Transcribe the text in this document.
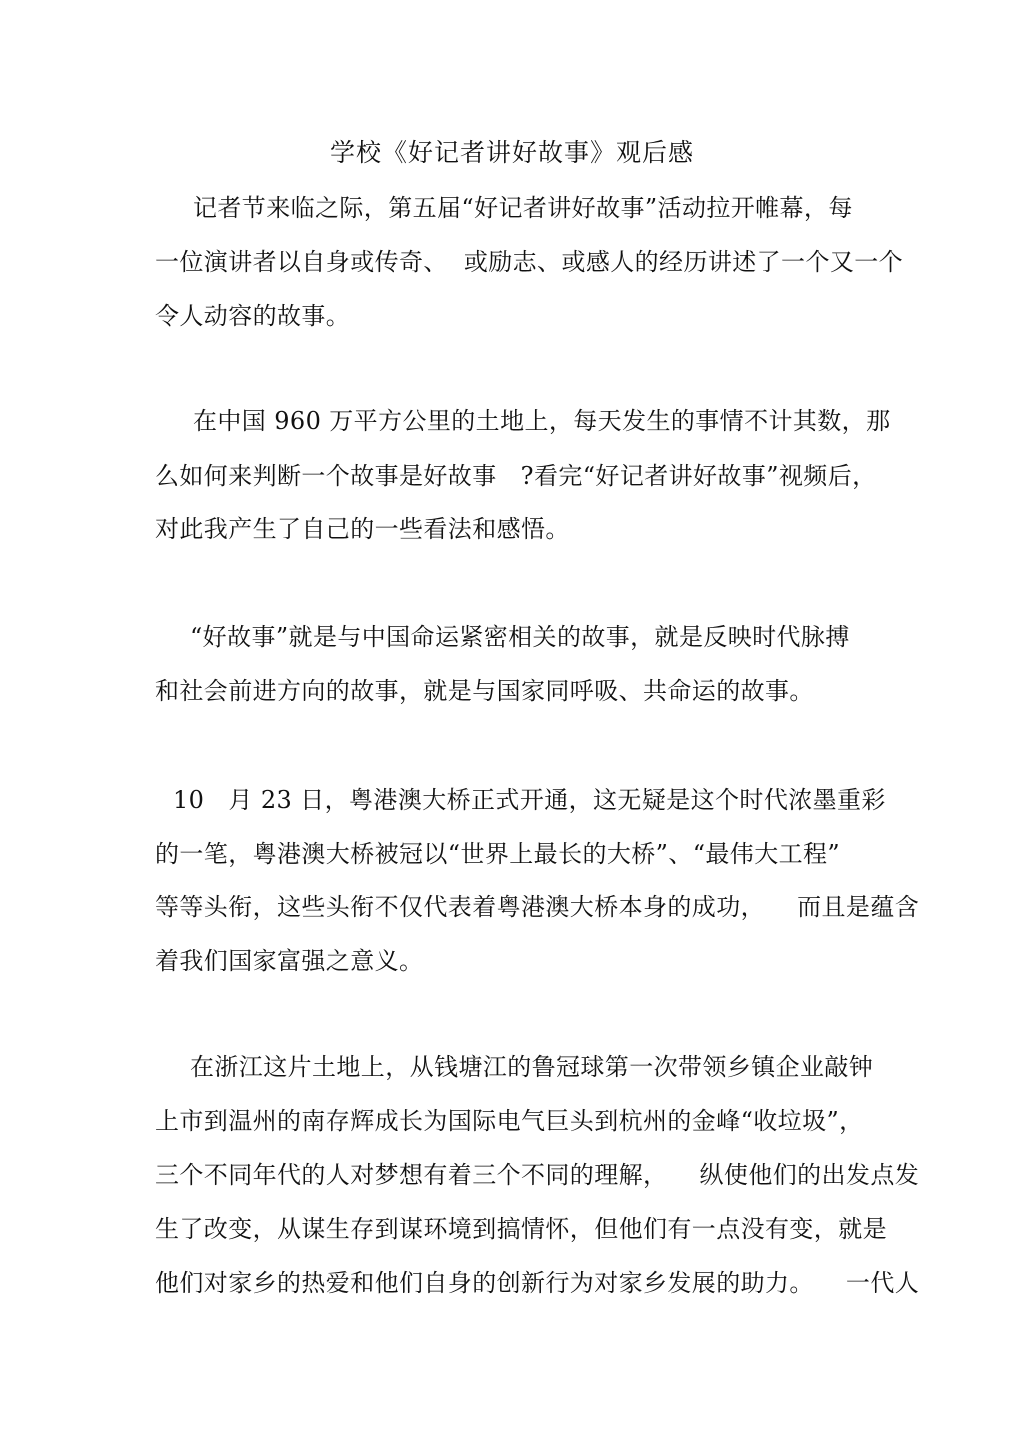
学校《好记者讲好故事》观后感
记者节来临之际，第五届“好记者讲好故事”活动拉开帷幕，每
一位演讲者以自身或传奇、  或励志、或感人的经历讲述了一个又一个
令人动容的故事。
在中国 960 万平方公里的土地上，每天发生的事情不计其数，那
么如何来判断一个故事是好故事   ?看完“好记者讲好故事”视频后，
对此我产生了自己的一些看法和感悟。
“好故事”就是与中国命运紧密相关的故事，就是反映时代脉搏
和社会前进方向的故事，就是与国家同呼吸、共命运的故事。
10   月 23 日，粤港澳大桥正式开通，这无疑是这个时代浓墨重彩
的一笔，粤港澳大桥被冠以“世界上最长的大桥”、“最伟大工程”
等等头衔，这些头衔不仅代表着粤港澳大桥本身的成功，    而且是蕴含
着我们国家富强之意义。
在浙江这片土地上，从钱塘江的鲁冠球第一次带领乡镇企业敲钟
上市到温州的南存辉成长为国际电气巨头到杭州的金峰“收垃圾”，
三个不同年代的人对梦想有着三个不同的理解，    纵使他们的出发点发
生了改变，从谋生存到谋环境到搞情怀，但他们有一点没有变，就是
他们对家乡的热爱和他们自身的创新行为对家乡发展的助力。    一代人
